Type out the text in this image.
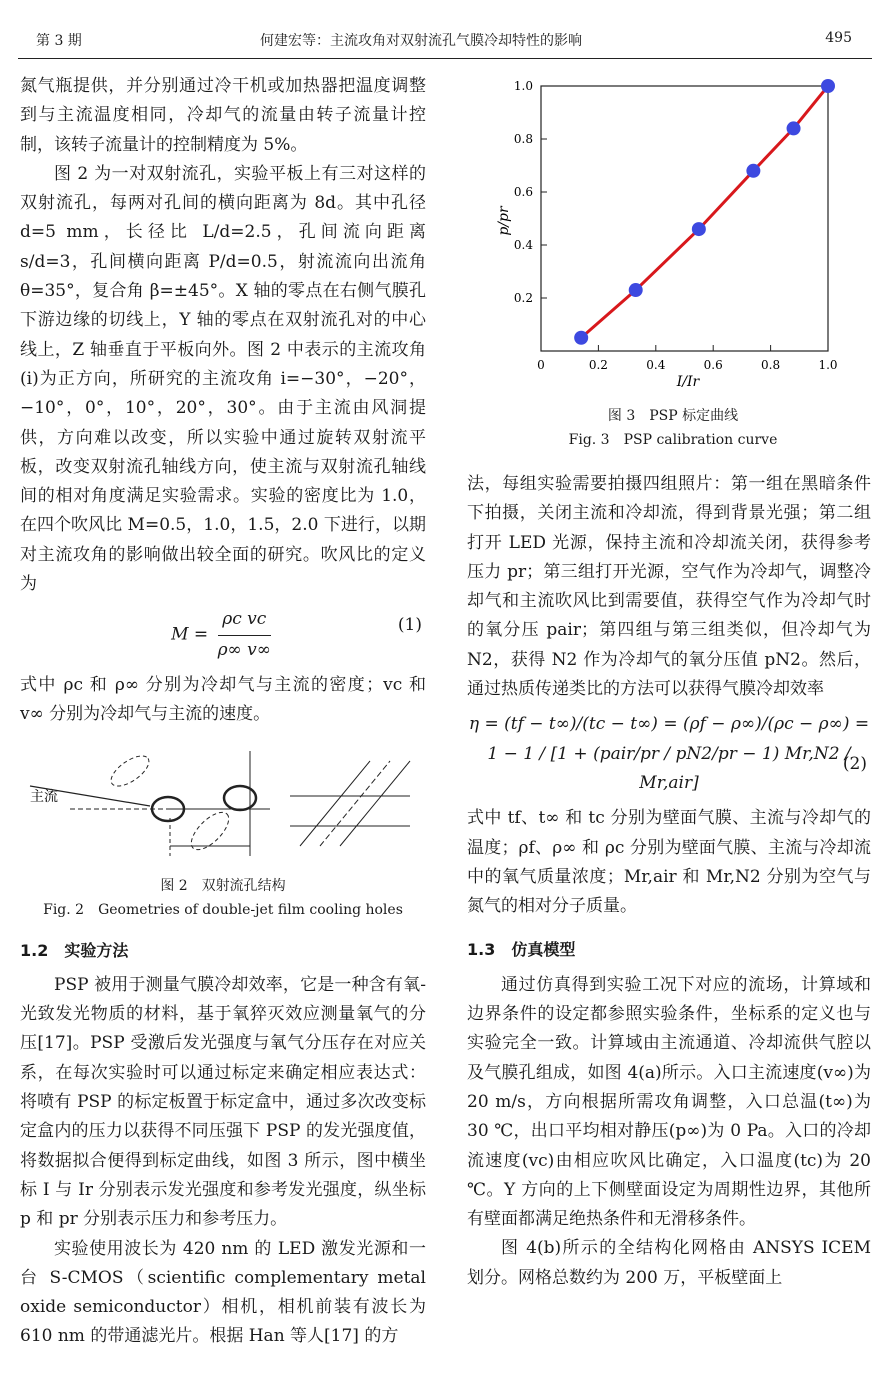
第 3 期	何建宏等：主流攻角对双射流孔气膜冷却特性的影响	495

氮气瓶提供，并分别通过冷干机或加热器把温度调整到与主流温度相同，冷却气的流量由转子流量计控制，该转子流量计的控制精度为 5%。

图 2 为一对双射流孔，实验平板上有三对这样的双射流孔，每两对孔间的横向距离为 8d。其中孔径 d=5 mm，长径比 L/d=2.5，孔间流向距离 s/d=3，孔间横向距离 P/d=0.5，射流流向出流角 θ=35°，复合角 β=±45°。X 轴的零点在右侧气膜孔下游边缘的切线上，Y 轴的零点在双射流孔对的中心线上，Z 轴垂直于平板向外。图 2 中表示的主流攻角(i)为正方向，所研究的主流攻角 i=−30°，−20°，−10°，0°，10°，20°，30°。由于主流由风洞提供，方向难以改变，所以实验中通过旋转双射流平板，改变双射流孔轴线方向，使主流与双射流孔轴线间的相对角度满足实验需求。实验的密度比为 1.0，在四个吹风比 M=0.5，1.0，1.5，2.0 下进行，以期对主流攻角的影响做出较全面的研究。吹风比的定义为

$M = \frac{\text{ρc vc}}{\rho\infty v\infty}$	(1)

式中 ρc 和 ρ∞ 分别为冷却气与主流的密度；vc 和 v∞ 分别为冷却气与主流的速度。

主流

图 2　双射流孔结构

Fig. 2　Geometries of double-jet film cooling holes

1.2　实验方法

PSP 被用于测量气膜冷却效率，它是一种含有氧-光致发光物质的材料，基于氧猝灭效应测量氧气的分压[17]。PSP 受激后发光强度与氧气分压存在对应关系，在每次实验时可以通过标定来确定相应表达式：将喷有 PSP 的标定板置于标定盒中，通过多次改变标定盒内的压力以获得不同压强下 PSP 的发光强度值，将数据拟合便得到标定曲线，如图 3 所示，图中横坐标 I 与 Ir 分别表示发光强度和参考发光强度，纵坐标 p 和 pr 分别表示压力和参考压力。

实验使用波长为 420 nm 的 LED 激发光源和一台 S-CMOS（scientific complementary metal oxide semiconductor）相机，相机前装有波长为 610 nm 的带通滤光片。根据 Han 等人[17] 的方

0	0.2	0.4	0.6	0.8	1.0
0.2
0.4
0.6
0.8
1.0
I/Ir
p/pr

图 3　PSP 标定曲线

Fig. 3　PSP calibration curve

法，每组实验需要拍摄四组照片：第一组在黑暗条件下拍摄，关闭主流和冷却流，得到背景光强；第二组打开 LED 光源，保持主流和冷却流关闭，获得参考压力 pr；第三组打开光源，空气作为冷却气，调整冷却气和主流吹风比到需要值，获得空气作为冷却气时的氧分压 pair；第四组与第三组类似，但冷却气为 N2，获得 N2 作为冷却气的氧分压值 pN2。然后，通过热质传递类比的方法可以获得气膜冷却效率

η = (tf − t∞)/(tc − t∞) = (ρf − ρ∞)/(ρc − ρ∞) =
1 − 1 / [1 + (pair/pr / pN2/pr − 1) Mr,N2 / Mr,air]
(2)

式中 tf、t∞ 和 tc 分别为壁面气膜、主流与冷却气的温度；ρf、ρ∞ 和 ρc 分别为壁面气膜、主流与冷却流中的氧气质量浓度；Mr,air 和 Mr,N2 分别为空气与氮气的相对分子质量。

1.3　仿真模型

通过仿真得到实验工况下对应的流场，计算域和边界条件的设定都参照实验条件，坐标系的定义也与实验完全一致。计算域由主流通道、冷却流供气腔以及气膜孔组成，如图 4(a)所示。入口主流速度(v∞)为 20 m/s，方向根据所需攻角调整，入口总温(t∞)为 30 ℃，出口平均相对静压(p∞)为 0 Pa。入口的冷却流速度(vc)由相应吹风比确定，入口温度(tc)为 20 ℃。Y 方向的上下侧壁面设定为周期性边界，其他所有壁面都满足绝热条件和无滑移条件。

图 4(b)所示的全结构化网格由 ANSYS ICEM 划分。网格总数约为 200 万，平板壁面上
